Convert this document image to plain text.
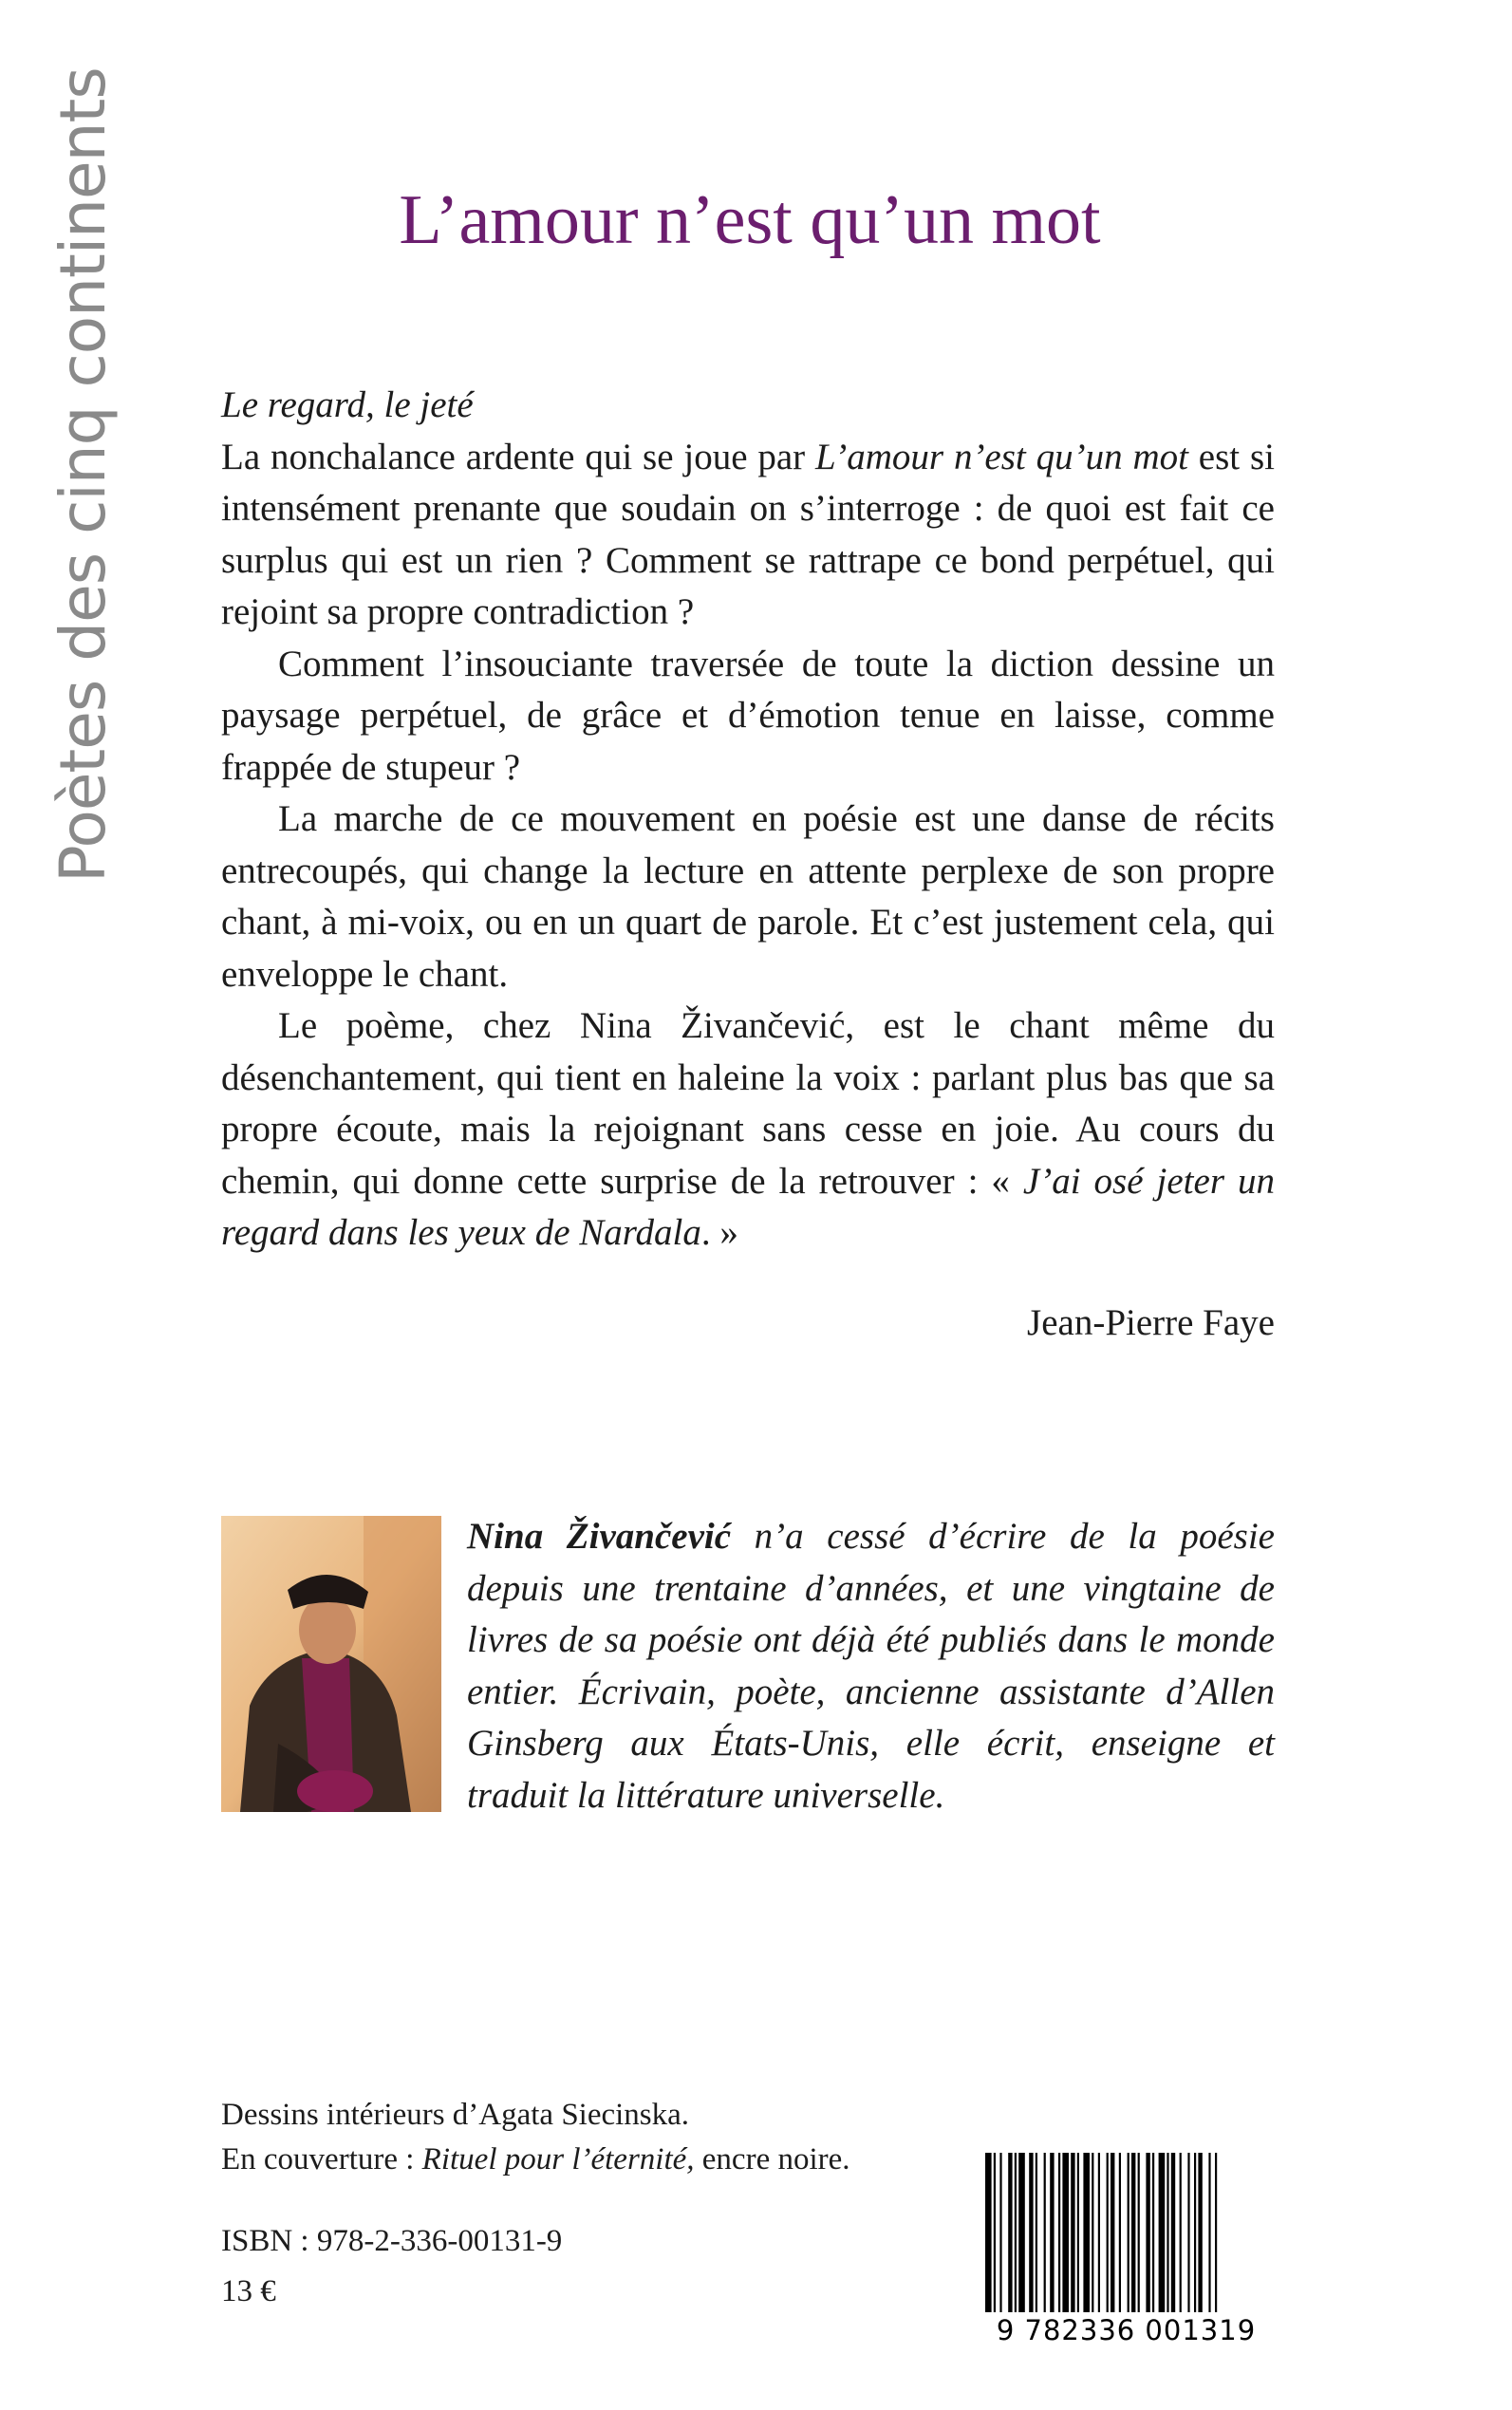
Poètes des cinq continents	L’amour n’est qu’un mot

Le regard, le jeté

La nonchalance ardente qui se joue par L’amour n’est qu’un mot est si intensément prenante que soudain on s’interroge : de quoi est fait ce surplus qui est un rien ? Comment se rattrape ce bond perpétuel, qui rejoint sa propre contradiction ?

Comment l’insouciante traversée de toute la diction dessine un paysage perpétuel, de grâce et d’émotion tenue en laisse, comme frappée de stupeur ?

La marche de ce mouvement en poésie est une danse de récits entrecoupés, qui change la lecture en attente perplexe de son propre chant, à mi-voix, ou en un quart de parole. Et c’est justement cela, qui enveloppe le chant.

Le poème, chez Nina Živančević, est le chant même du désenchantement, qui tient en haleine la voix : parlant plus bas que sa propre écoute, mais la rejoignant sans cesse en joie. Au cours du chemin, qui donne cette surprise de la retrouver : « J’ai osé jeter un regard dans les yeux de Nardala. »

Jean-Pierre Faye

Nina Živančević n’a cessé d’écrire de la poésie depuis une trentaine d’années, et une vingtaine de livres de sa poésie ont déjà été publiés dans le monde entier. Écrivain, poète, ancienne assistante d’Allen Ginsberg aux États-Unis, elle écrit, enseigne et traduit la littérature universelle.
Dessins intérieurs d’Agata Siecinska.
En couverture : Rituel pour l’éternité, encre noire.
ISBN : 978-2-336-00131-9
13 €
9 782336 001319
